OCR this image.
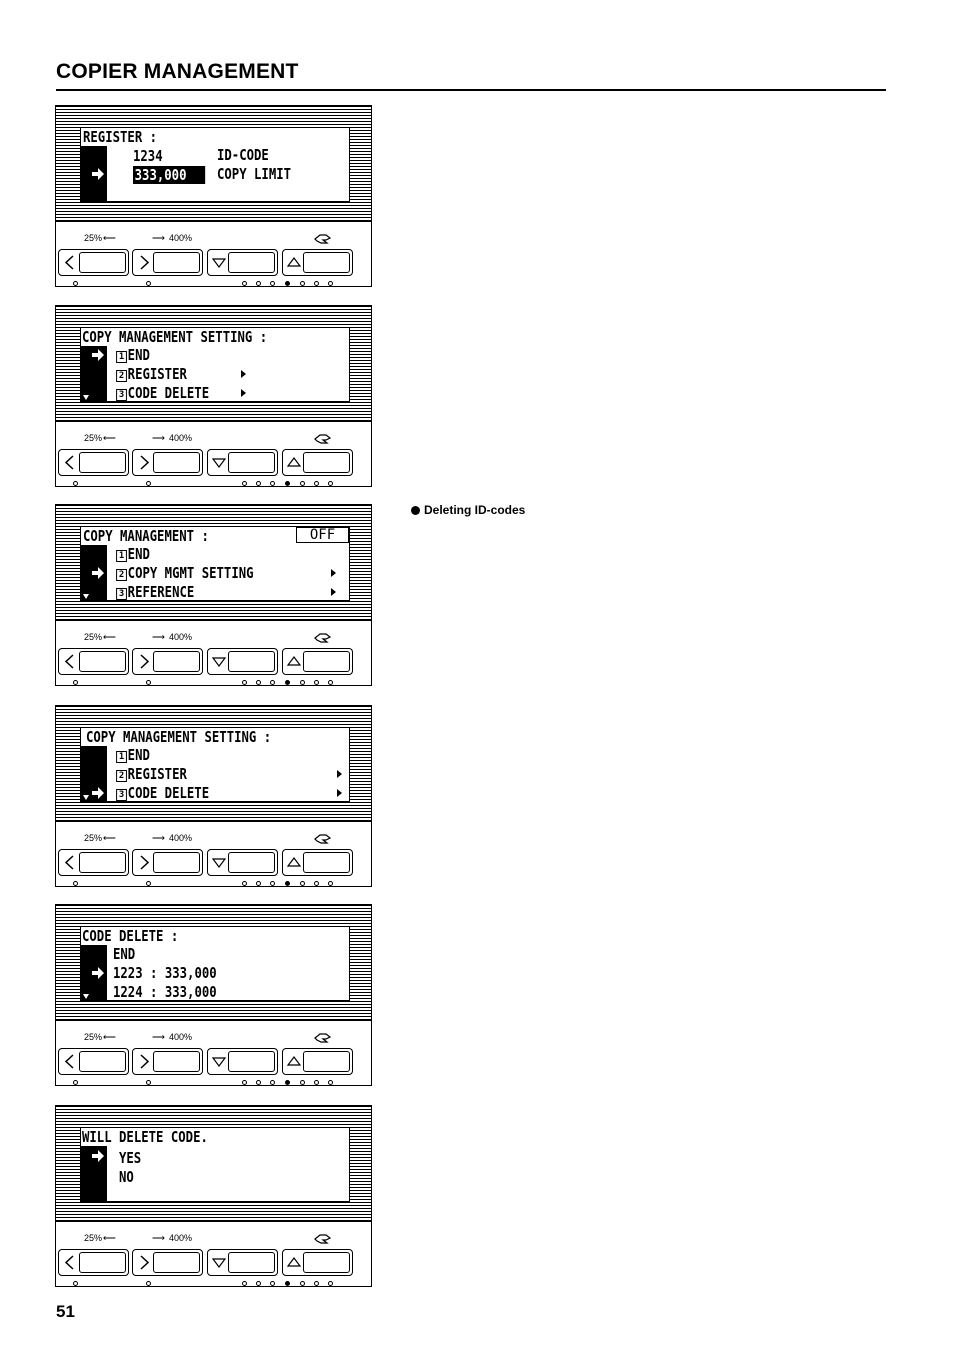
COPIER MANAGEMENT
Deleting ID-codes
REGISTER :
1234	ID-CODE
333,000	COPY LIMIT
25% ⟵	⟶ 400%
COPY MANAGEMENT SETTING :
1 END
2 REGISTER
3 CODE DELETE
25% ⟵	⟶ 400%
COPY MANAGEMENT :	OFF
1 END
2 COPY MGMT SETTING
3 REFERENCE
25% ⟵	⟶ 400%
COPY MANAGEMENT SETTING :
1 END
2 REGISTER
3 CODE DELETE
25% ⟵	⟶ 400%
CODE DELETE :
END
1223 : 333,000
1224 : 333,000
25% ⟵	⟶ 400%
WILL DELETE CODE.
YES
NO
25% ⟵	⟶ 400%
51
